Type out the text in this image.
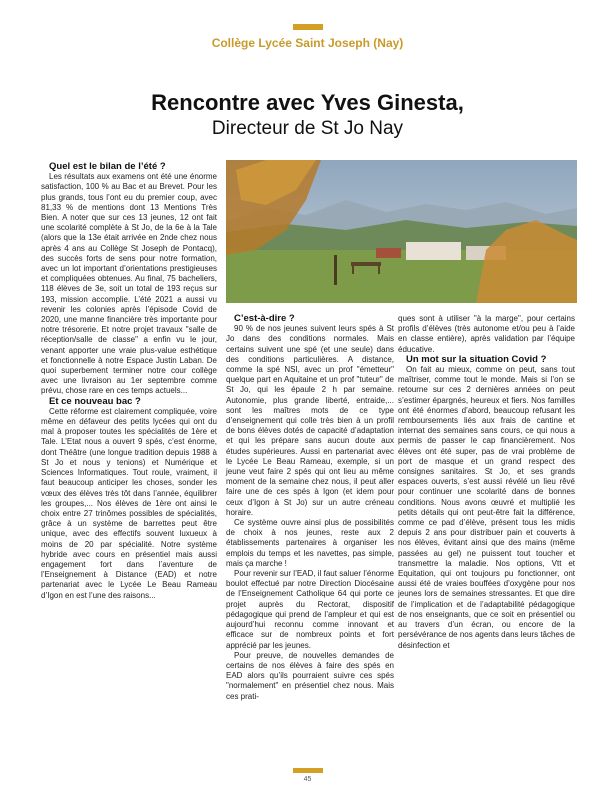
Collège Lycée Saint Joseph (Nay)
Rencontre avec Yves Ginesta,
Directeur de St Jo Nay

Quel est le bilan de l’été ?

Les résultats aux examens ont été une énorme satisfaction, 100 % au Bac et au Brevet. Pour les plus grands, tous l’ont eu du premier coup, avec 81,33 % de mentions dont 13 Mentions Très Bien. A noter que sur ces 13 jeunes, 12 ont fait une scolarité complète à St Jo, de la 6e à la Tale (alors que la 13e était arrivée en 2nde chez nous après 4 ans au Collège St Joseph de Pontacq), des succès forts de sens pour notre formation, avec un lot important d’orientations prestigieuses et compliquées obtenues. Au final, 75 bacheliers, 118 élèves de 3e, soit un total de 193 reçus sur 193, mission accomplie. L’été 2021 a aussi vu revenir les colonies après l’épisode Covid de 2020, une manne financière très importante pour notre trésorerie. Et notre projet travaux "salle de réception/salle de classe" a enfin vu le jour, venant apporter une vraie plus-value esthétique et fonctionnelle à notre Espace Justin Laban. De quoi superbement terminer notre cour collège avec une livraison au 1er septembre comme prévu, chose rare en ces temps actuels...

Et ce nouveau bac ?

Cette réforme est clairement compliquée, voire même en défaveur des petits lycées qui ont du mal à proposer toutes les spécialités de 1ère et Tale. L’Etat nous a ouvert 9 spés, c’est énorme, dont Théâtre (une longue tradition depuis 1988 à St Jo et nous y tenions) et Numérique et Sciences Informatiques. Tout roule, vraiment, il faut beaucoup anticiper les choses, sonder les vœux des élèves très tôt dans l’année, équilibrer les groupes,... Nos élèves de 1ère ont ainsi le choix entre 27 trinômes possibles de spécialités, grâce à un système de barrettes peut être unique, avec des effectifs souvent luxueux à moins de 20 par spécialité. Notre système hybride avec cours en présentiel mais aussi engagement fort dans l’aventure de l’Enseignement à Distance (EAD) et notre partenariat avec le Lycée Le Beau Rameau d’Igon en est l’une des raisons...

C’est-à-dire ?

90 % de nos jeunes suivent leurs spés à St Jo dans des conditions normales. Mais certains suivent une spé (et une seule) dans des conditions particulières. A distance, comme la spé NSI, avec un prof "émetteur" quelque part en Aquitaine et un prof "tuteur" de St Jo, qui les épaule 2 h par semaine. Autonomie, plus grande liberté, entraide,... sont les maîtres mots de ce type d’enseignement qui colle très bien à un profil de bons élèves dotés de capacité d’adaptation et qui les prépare sans aucun doute aux études supérieures. Aussi en partenariat avec le Lycée Le Beau Rameau, exemple, si un jeune veut faire 2 spés qui ont lieu au même moment de la semaine chez nous, il peut aller faire une de ces spés à Igon (et idem pour ceux d’Igon à St Jo) sur un autre créneau horaire.

Ce système ouvre ainsi plus de possibilités de choix à nos jeunes, reste aux 2 établissements partenaires à organiser les emplois du temps et les navettes, pas simple, mais ça marche !

Pour revenir sur l’EAD, il faut saluer l’énorme boulot effectué par notre Direction Diocésaine de l’Enseignement Catholique 64 qui porte ce projet auprès du Rectorat, dispositif pédagogique qui prend de l’ampleur et qui est aujourd’hui reconnu comme innovant et efficace sur de nombreux points et fort apprécié par les jeunes.

Pour preuve, de nouvelles demandes de certains de nos élèves à faire des spés en EAD alors qu’ils pourraient suivre ces spés "normalement" en présentiel chez nous. Mais ces prati-

ques sont à utiliser "à la marge", pour certains profils d’élèves (très autonome et/ou peu à l’aide en classe entière), après validation par l’équipe éducative.

Un mot sur la situation Covid ?

On fait au mieux, comme on peut, sans tout maîtriser, comme tout le monde. Mais si l’on se retourne sur ces 2 dernières années on peut s’estimer épargnés, heureux et fiers. Nos familles ont été énormes d’abord, beaucoup refusant les remboursements liés aux frais de cantine et internat des semaines sans cours, ce qui nous a permis de passer le cap financièrement. Nos élèves ont été super, pas de vrai problème de port de masque et un grand respect des consignes sanitaires. St Jo, et ses grands espaces ouverts, s’est aussi révélé un lieu rêvé pour continuer une scolarité dans de bonnes conditions. Nous avons œuvré et multiplié les petits détails qui ont peut-être fait la différence, comme ce pad d’élève, présent tous les midis depuis 2 ans pour distribuer pain et couverts à nos élèves, évitant ainsi que des mains (même passées au gel) ne puissent tout toucher et transmettre la maladie. Nos options, Vtt et Equitation, qui ont toujours pu fonctionner, ont aussi été de vraies bouffées d’oxygène pour nos jeunes lors de semaines stressantes. Et que dire de l’implication et de l’adaptabilité pédagogique de nos enseignants, que ce soit en présentiel ou au travers d’un écran, ou encore de la persévérance de nos agents dans leurs tâches de désinfection et

45
